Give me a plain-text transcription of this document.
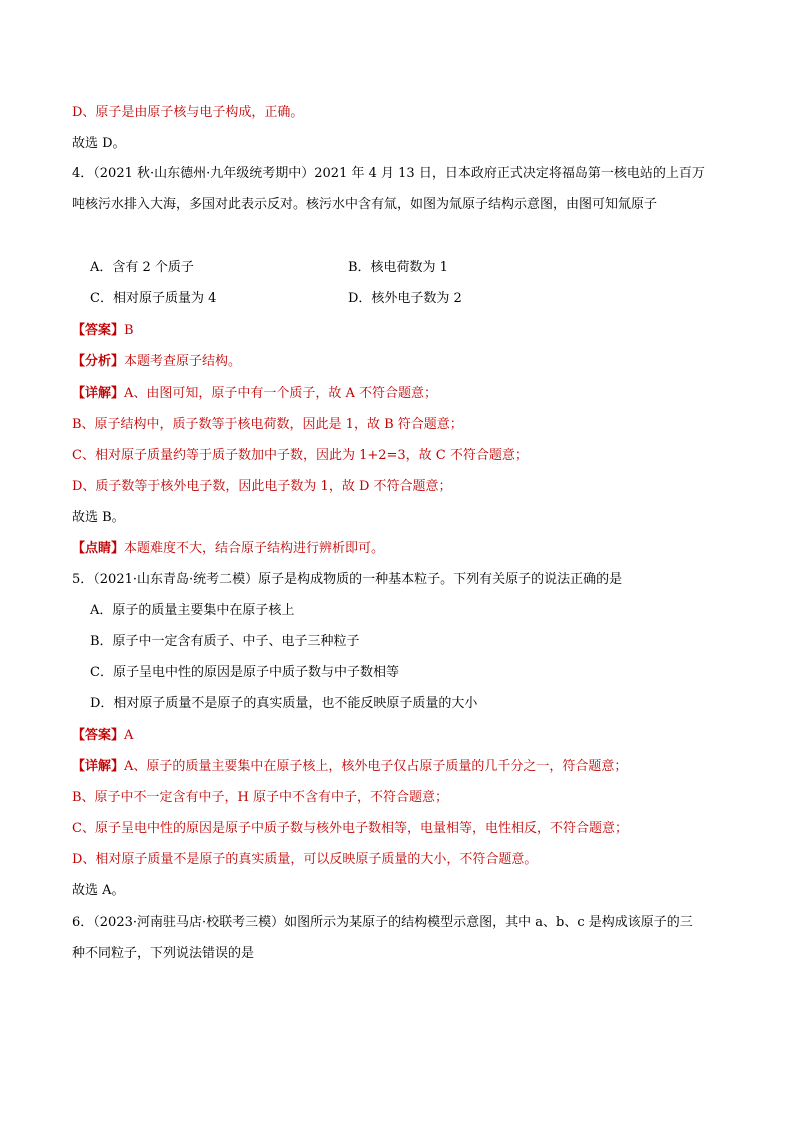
D、原子是由原子核与电子构成，正确。
故选 D。
4．（2021 秋·山东德州·九年级统考期中）2021 年 4 月 13 日，日本政府正式决定将福岛第一核电站的上百万
吨核污水排入大海，多国对此表示反对。核污水中含有氚，如图为氚原子结构示意图，由图可知氚原子
A．含有 2 个质子	B．核电荷数为 1
C．相对原子质量为 4	D．核外电子数为 2
【答案】B
【分析】本题考查原子结构。
【详解】A、由图可知，原子中有一个质子，故 A 不符合题意；
B、原子结构中，质子数等于核电荷数，因此是 1，故 B 符合题意；
C、相对原子质量约等于质子数加中子数，因此为 1+2=3，故 C 不符合题意；
D、质子数等于核外电子数，因此电子数为 1，故 D 不符合题意；
故选 B。
【点睛】本题难度不大，结合原子结构进行辨析即可。
5．（2021·山东青岛·统考二模）原子是构成物质的一种基本粒子。下列有关原子的说法正确的是
A．原子的质量主要集中在原子核上
B．原子中一定含有质子、中子、电子三种粒子
C．原子呈电中性的原因是原子中质子数与中子数相等
D．相对原子质量不是原子的真实质量，也不能反映原子质量的大小
【答案】A
【详解】A、原子的质量主要集中在原子核上，核外电子仅占原子质量的几千分之一，符合题意；
B、原子中不一定含有中子，H 原子中不含有中子，不符合题意；
C、原子呈电中性的原因是原子中质子数与核外电子数相等，电量相等，电性相反，不符合题意；
D、相对原子质量不是原子的真实质量，可以反映原子质量的大小，不符合题意。
故选 A。
6．（2023·河南驻马店·校联考三模）如图所示为某原子的结构模型示意图，其中 a、b、c 是构成该原子的三
种不同粒子，下列说法错误的是
